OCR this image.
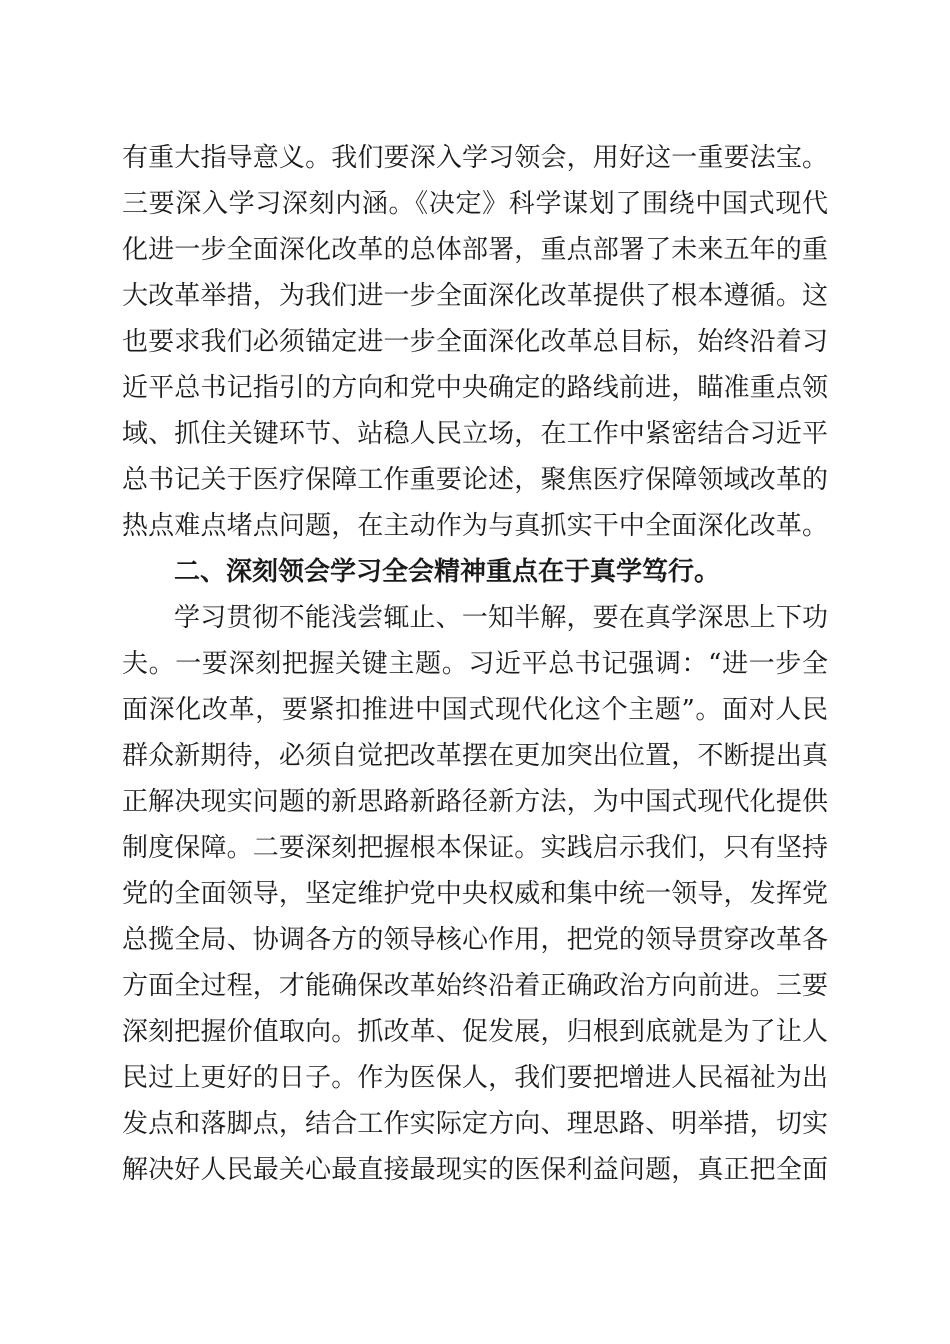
有重大指导意义。我们要深入学习领会，用好这一重要法宝。
三要深入学习深刻内涵。《决定》科学谋划了围绕中国式现代
化进一步全面深化改革的总体部署，重点部署了未来五年的重
大改革举措，为我们进一步全面深化改革提供了根本遵循。这
也要求我们必须锚定进一步全面深化改革总目标，始终沿着习
近平总书记指引的方向和党中央确定的路线前进，瞄准重点领
域、抓住关键环节、站稳人民立场，在工作中紧密结合习近平
总书记关于医疗保障工作重要论述，聚焦医疗保障领域改革的
热点难点堵点问题，在主动作为与真抓实干中全面深化改革。
二、深刻领会学习全会精神重点在于真学笃行。
学习贯彻不能浅尝辄止、一知半解，要在真学深思上下功
夫。一要深刻把握关键主题。习近平总书记强调：“进一步全
面深化改革，要紧扣推进中国式现代化这个主题”。面对人民
群众新期待，必须自觉把改革摆在更加突出位置，不断提出真
正解决现实问题的新思路新路径新方法，为中国式现代化提供
制度保障。二要深刻把握根本保证。实践启示我们，只有坚持
党的全面领导，坚定维护党中央权威和集中统一领导，发挥党
总揽全局、协调各方的领导核心作用，把党的领导贯穿改革各
方面全过程，才能确保改革始终沿着正确政治方向前进。三要
深刻把握价值取向。抓改革、促发展，归根到底就是为了让人
民过上更好的日子。作为医保人，我们要把增进人民福祉为出
发点和落脚点，结合工作实际定方向、理思路、明举措，切实
解决好人民最关心最直接最现实的医保利益问题，真正把全面
